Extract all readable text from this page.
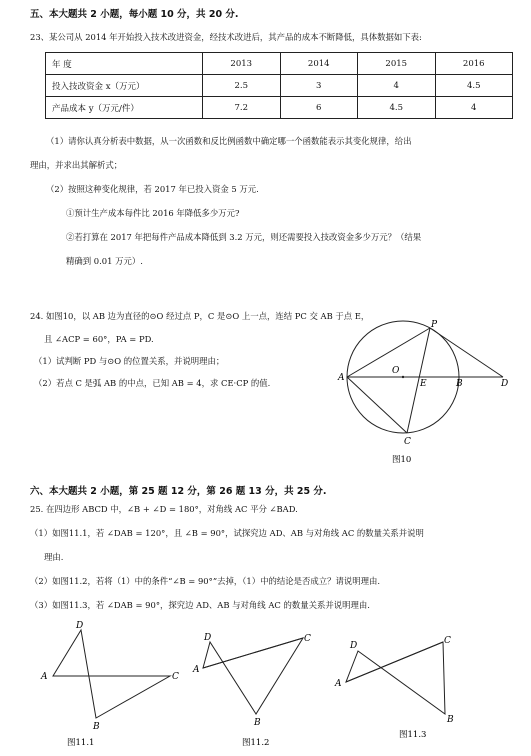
五、本大题共 2 小题，每小题 10 分，共 20 分.
23、某公司从 2014 年开始投入技术改进资金，经技术改进后，其产品的成本不断降低，具体数据如下表:
年 度	2013	2014	2015	2016
投入技改资金 x（万元）	2.5	3	4	4.5
产品成本 y（万元/件）	7.2	6	4.5	4
（1）请你认真分析表中数据，从一次函数和反比例函数中确定哪一个函数能表示其变化规律，给出
理由，并求出其解析式；
（2）按照这种变化规律，若 2017 年已投入资金 5 万元.
①预计生产成本每件比 2016 年降低多少万元?
②若打算在 2017 年把每件产品成本降低到 3.2 万元，则还需要投入技改资金多少万元？（结果
精确到 0.01 万元）.
24. 如图10，以 AB 边为直径的⊙O 经过点 P，C 是⊙O 上一点，连结 PC 交 AB 于点 E，
且 ∠ACP = 60°，PA = PD.
（1）试判断 PD 与⊙O 的位置关系，并说明理由；
（2）若点 C 是弧 AB 的中点，已知 AB = 4，求 CE·CP 的值.
P
A
O
E	B	D
C
图10
六、本大题共 2 小题，第 25 题 12 分，第 26 题 13 分，共 25 分.
25. 在四边形 ABCD 中，∠B + ∠D = 180°，对角线 AC 平分 ∠BAD.
（1）如图11.1，若 ∠DAB = 120°，且 ∠B = 90°，试探究边 AD、AB 与对角线 AC 的数量关系并说明
理由.
（2）如图11.2，若将（1）中的条件“∠B = 90°”去掉，（1）中的结论是否成立？请说明理由.
（3）如图11.3，若 ∠DAB = 90°，探究边 AD、AB 与对角线 AC 的数量关系并说明理由.
D
A	C
B
图11.1
D
A
C
B
图11.2
D
A
C
B
图11.3
